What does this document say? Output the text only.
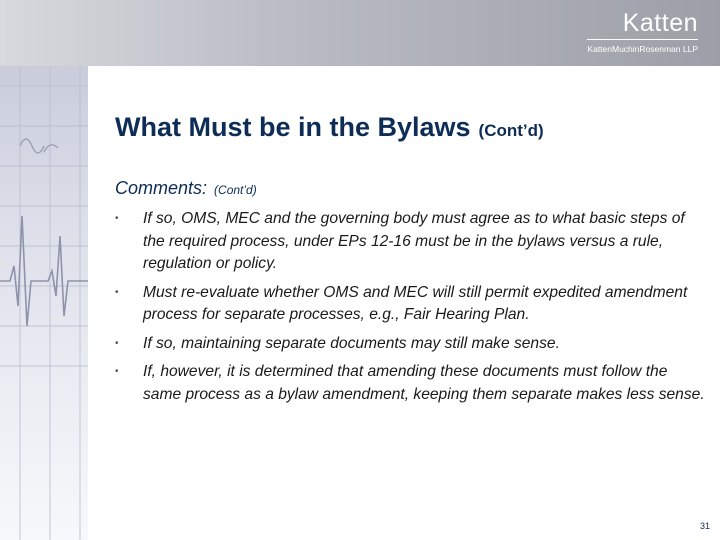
Katten
KattenMuchinRosenman LLP
What Must be in the Bylaws (Cont’d)
Comments: (Cont’d)
• If so, OMS, MEC and the governing body must agree as to what basic steps of the required process, under EPs 12-16 must be in the bylaws versus a rule, regulation or policy.
• Must re-evaluate whether OMS and MEC will still permit expedited amendment process for separate processes, e.g., Fair Hearing Plan.
• If so, maintaining separate documents may still make sense.
• If, however, it is determined that amending these documents must follow the same process as a bylaw amendment, keeping them separate makes less sense.
31
